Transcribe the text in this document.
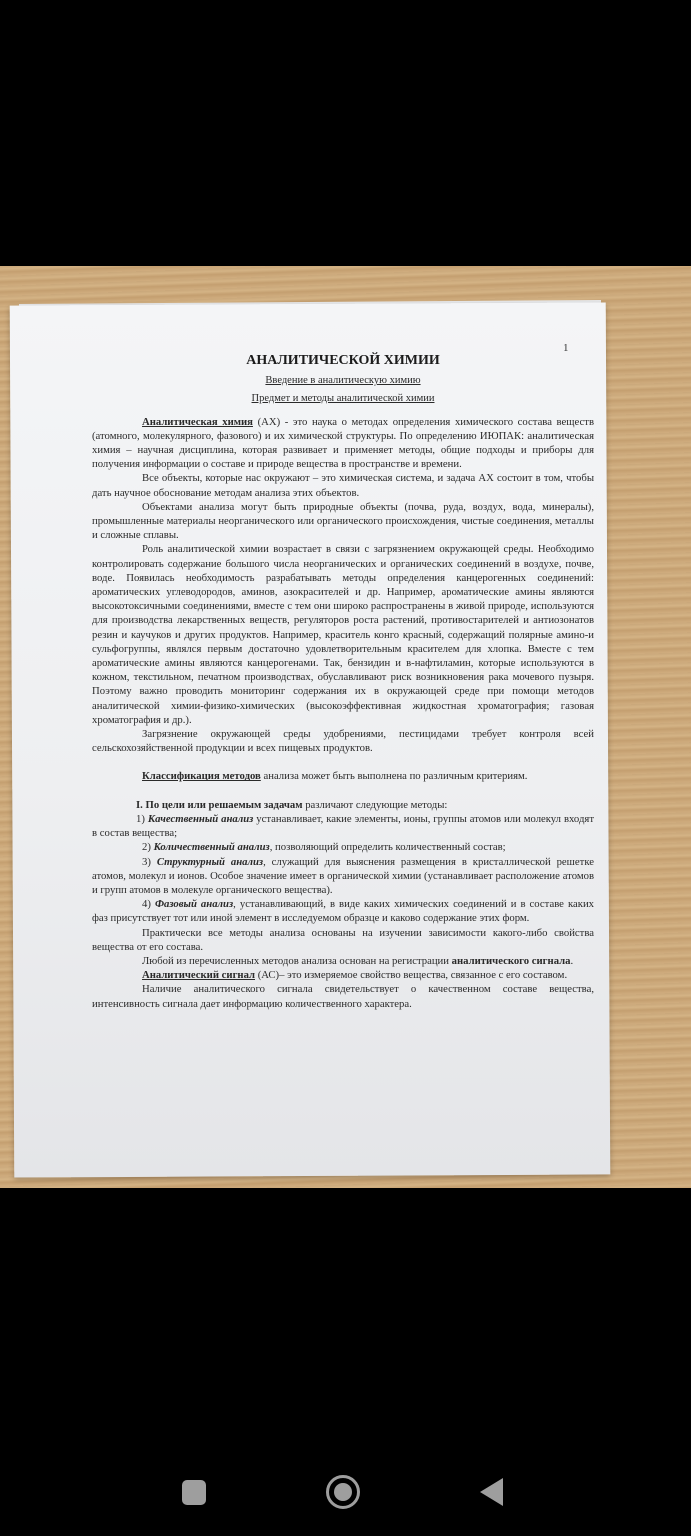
1
АНАЛИТИЧЕСКОЙ ХИМИИ
Введение в аналитическую химию
Предмет и методы аналитической химии

Аналитическая химия (АХ) - это наука о методах определения химического состава веществ (атомного, молекулярного, фазового) и их химической структуры. По определению ИЮПАК: аналитическая химия – научная дисциплина, которая развивает и применяет методы, общие подходы и приборы для получения информации о составе и природе вещества в пространстве и времени.

Все объекты, которые нас окружают – это химическая система, и задача АХ состоит в том, чтобы дать научное обоснование методам анализа этих объектов.

Объектами анализа могут быть природные объекты (почва, руда, воздух, вода, минералы), промышленные материалы неорганического или органического происхождения, чистые соединения, металлы и сложные сплавы.

Роль аналитической химии возрастает в связи с загрязнением окружающей среды. Необходимо контролировать содержание большого числа неорганических и органических соединений в воздухе, почве, воде. Появилась необходимость разрабатывать методы определения канцерогенных соединений: ароматических углеводородов, аминов, азокрасителей и др. Например, ароматические амины являются высокотоксичными соединениями, вместе с тем они широко распространены в живой природе, используются для производства лекарственных веществ, регуляторов роста растений, противостарителей и антиозонатов резин и каучуков и других продуктов. Например, краситель конго красный, содержащий полярные амино-и сульфогруппы, являлся первым достаточно удовлетворительным красителем для хлопка. Вместе с тем ароматические амины являются канцерогенами. Так, бензидин и в-нафтиламин, которые используются в кожном, текстильном, печатном производствах, обуславливают риск возникновения рака мочевого пузыря. Поэтому важно проводить мониторинг содержания их в окружающей среде при помощи методов аналитической химии-физико-химических (высокоэффективная жидкостная хроматография; газовая хроматография и др.).

Загрязнение окружающей среды удобрениями, пестицидами требует контроля всей сельскохозяйственной продукции и всех пищевых продуктов.

Классификация методов анализа может быть выполнена по различным критериям.

I. По цели или решаемым задачам различают следующие методы:

1) Качественный анализ устанавливает, какие элементы, ионы, группы атомов или молекул входят в состав вещества;

2) Количественный анализ, позволяющий определить количественный состав;

3) Структурный анализ, служащий для выяснения размещения в кристаллической решетке атомов, молекул и ионов. Особое значение имеет в органической химии (устанавливает расположение атомов и групп атомов в молекуле органического вещества).

4) Фазовый анализ, устанавливающий, в виде каких химических соединений и в составе каких фаз присутствует тот или иной элемент в исследуемом образце и каково содержание этих форм.

Практически все методы анализа основаны на изучении зависимости какого-либо свойства вещества от его состава.

Любой из перечисленных методов анализа основан на регистрации аналитического сигнала.

Аналитический сигнал (АС)– это измеряемое свойство вещества, связанное с его составом.

Наличие аналитического сигнала свидетельствует о качественном составе вещества, интенсивность сигнала дает информацию количественного характера.
